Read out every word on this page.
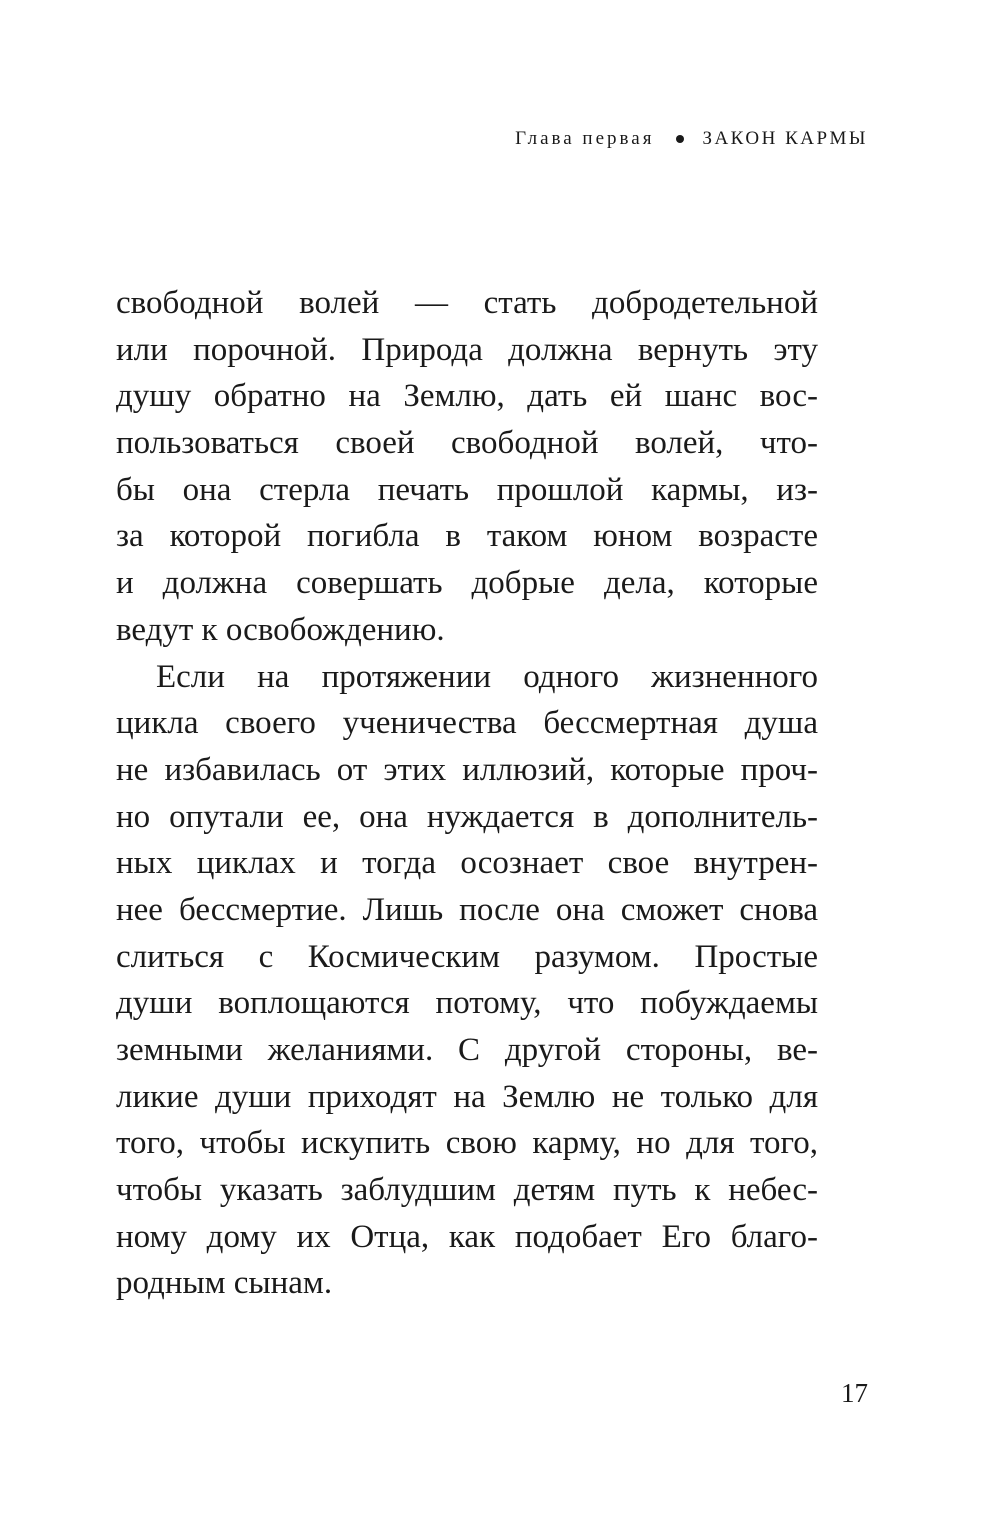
Глава первая	ЗАКОН КАРМЫ
свободной волей — стать добродетельной
или порочной. Природа должна вернуть эту
душу обратно на Землю, дать ей шанс вос-
пользоваться своей свободной волей, что-
бы она стерла печать прошлой кармы, из-
за которой погибла в таком юном возрасте
и должна совершать добрые дела, которые
ведут к освобождению.
Если на протяжении одного жизненного
цикла своего ученичества бессмертная душа
не избавилась от этих иллюзий, которые проч-
но опутали ее, она нуждается в дополнитель-
ных циклах и тогда осознает свое внутрен-
нее бессмертие. Лишь после она сможет снова
слиться с Космическим разумом. Простые
души воплощаются потому, что побуждаемы
земными желаниями. С другой стороны, ве-
ликие души приходят на Землю не только для
того, чтобы искупить свою карму, но для того,
чтобы указать заблудшим детям путь к небес-
ному дому их Отца, как подобает Его благо-
родным сынам.
17
